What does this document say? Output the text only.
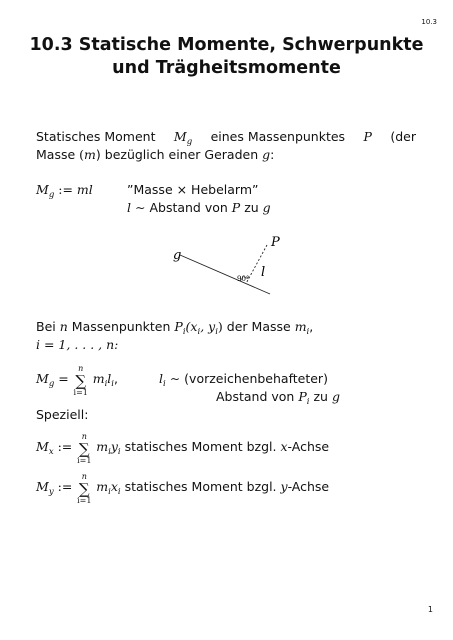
10.3
10.3 Statische Momente, Schwerpunkte
und Trägheitsmomente
Statisches Moment $M_g$ eines Massenpunktes P (der
Masse (m) bezüglich einer Geraden g:
$M_g$ := ml	”Masse × Hebelarm”
l ∼ Abstand von P zu g
g
P
l
90°
Bei n Massenpunkten $P_i(x_i$, $y_i$) der Masse $m_i$,
i = 1, . . . , n:
$M_g$ =
n
∑
i=1
$m_il_i$,	$l_i$ ∼ (vorzeichenbehafteter)
Abstand von $P_i$ zu g
Speziell:
$M_x$ :=
n
∑
i=1
$m_iy_i$ statisches Moment bzgl. x-Achse
$M_y$ :=
n
∑
i=1
$m_ix_i$ statisches Moment bzgl. y-Achse
1
